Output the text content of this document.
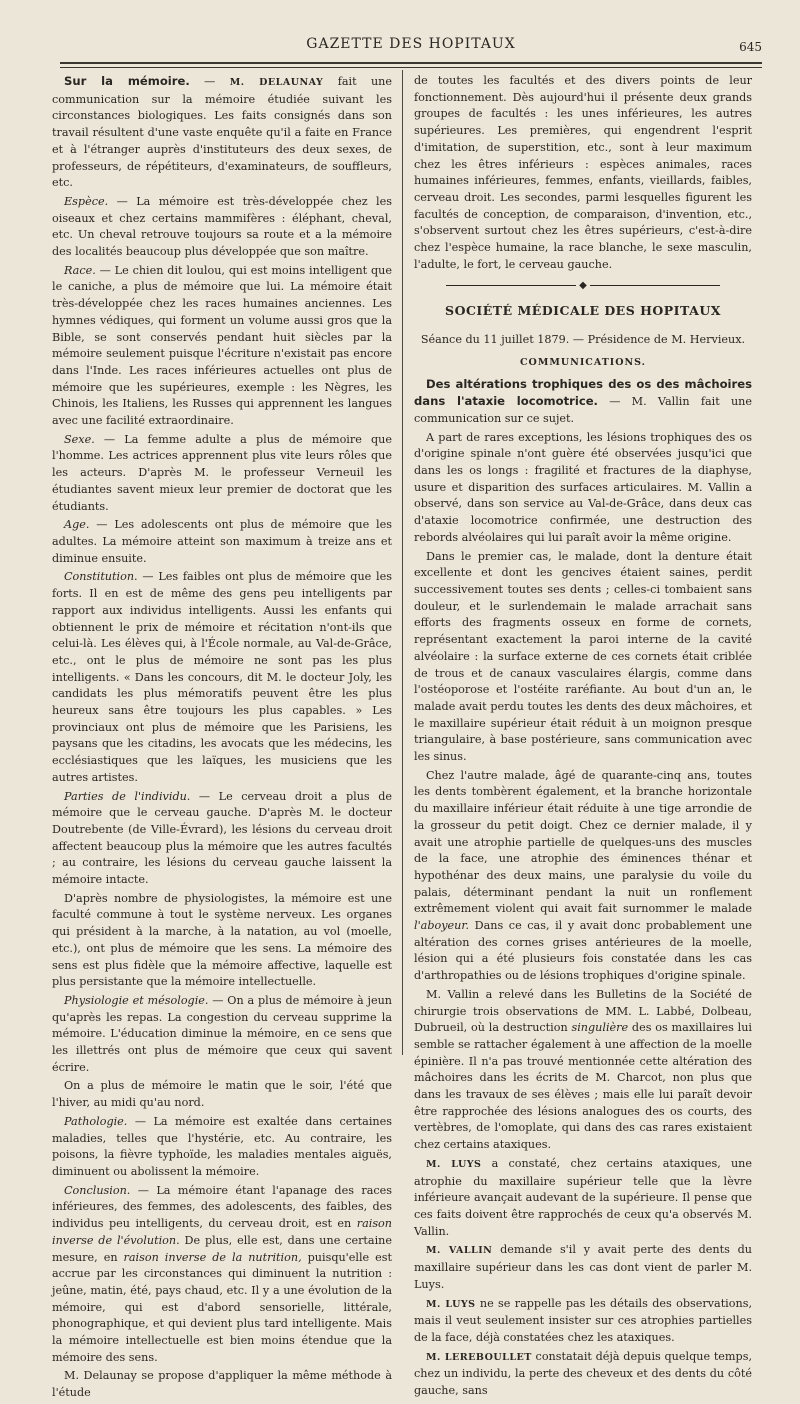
GAZETTE DES HOPITAUX	645

Sur la mémoire. — M. DELAUNAY fait une communication sur la mémoire étudiée suivant les circonstances biologiques. Les faits consignés dans son travail résultent d'une vaste enquête qu'il a faite en France et à l'étranger auprès d'instituteurs des deux sexes, de professeurs, de répétiteurs, d'examinateurs, de souffleurs, etc.

Espèce. — La mémoire est très-développée chez les oiseaux et chez certains mammifères : éléphant, cheval, etc. Un cheval retrouve toujours sa route et a la mémoire des localités beaucoup plus développée que son maître.

Race. — Le chien dit loulou, qui est moins intelligent que le caniche, a plus de mémoire que lui. La mémoire était très-développée chez les races humaines anciennes. Les hymnes védiques, qui forment un volume aussi gros que la Bible, se sont conservés pendant huit siècles par la mémoire seulement puisque l'écriture n'existait pas encore dans l'Inde. Les races inférieures actuelles ont plus de mémoire que les supérieures, exemple : les Nègres, les Chinois, les Italiens, les Russes qui apprennent les langues avec une facilité extraordinaire.

Sexe. — La femme adulte a plus de mémoire que l'homme. Les actrices apprennent plus vite leurs rôles que les acteurs. D'après M. le professeur Verneuil les étudiantes savent mieux leur premier de doctorat que les étudiants.

Age. — Les adolescents ont plus de mémoire que les adultes. La mémoire atteint son maximum à treize ans et diminue ensuite.

Constitution. — Les faibles ont plus de mémoire que les forts. Il en est de même des gens peu intelligents par rapport aux individus intelligents. Aussi les enfants qui obtiennent le prix de mémoire et récitation n'ont-ils que celui-là. Les élèves qui, à l'École normale, au Val-de-Grâce, etc., ont le plus de mémoire ne sont pas les plus intelligents. « Dans les concours, dit M. le docteur Joly, les candidats les plus mémoratifs peuvent être les plus heureux sans être toujours les plus capables. » Les provinciaux ont plus de mémoire que les Parisiens, les paysans que les citadins, les avocats que les médecins, les ecclésiastiques que les laïques, les musiciens que les autres artistes.

Parties de l'individu. — Le cerveau droit a plus de mémoire que le cerveau gauche. D'après M. le docteur Doutrebente (de Ville-Évrard), les lésions du cerveau droit affectent beaucoup plus la mémoire que les autres facultés ; au contraire, les lésions du cerveau gauche laissent la mémoire intacte.

D'après nombre de physiologistes, la mémoire est une faculté commune à tout le système nerveux. Les organes qui président à la marche, à la natation, au vol (moelle, etc.), ont plus de mémoire que les sens. La mémoire des sens est plus fidèle que la mémoire affective, laquelle est plus persistante que la mémoire intellectuelle.

Physiologie et mésologie. — On a plus de mémoire à jeun qu'après les repas. La congestion du cerveau supprime la mémoire. L'éducation diminue la mémoire, en ce sens que les illettrés ont plus de mémoire que ceux qui savent écrire.

On a plus de mémoire le matin que le soir, l'été que l'hiver, au midi qu'au nord.

Pathologie. — La mémoire est exaltée dans certaines maladies, telles que l'hystérie, etc. Au contraire, les poisons, la fièvre typhoïde, les maladies mentales aiguës, diminuent ou abolissent la mémoire.

Conclusion. — La mémoire étant l'apanage des races inférieures, des femmes, des adolescents, des faibles, des individus peu intelligents, du cerveau droit, est en raison inverse de l'évolution. De plus, elle est, dans une certaine mesure, en raison inverse de la nutrition, puisqu'elle est accrue par les circonstances qui diminuent la nutrition : jeûne, matin, été, pays chaud, etc. Il y a une évolution de la mémoire, qui est d'abord sensorielle, littérale, phonographique, et qui devient plus tard intelligente. Mais la mémoire intellectuelle est bien moins étendue que la mémoire des sens.

M. Delaunay se propose d'appliquer la même méthode à l'étude

de toutes les facultés et des divers points de leur fonctionnement. Dès aujourd'hui il présente deux grands groupes de facultés : les unes inférieures, les autres supérieures. Les premières, qui engendrent l'esprit d'imitation, de superstition, etc., sont à leur maximum chez les êtres inférieurs : espèces animales, races humaines inférieures, femmes, enfants, vieillards, faibles, cerveau droit. Les secondes, parmi lesquelles figurent les facultés de conception, de comparaison, d'invention, etc., s'observent surtout chez les êtres supérieurs, c'est-à-dire chez l'espèce humaine, la race blanche, le sexe masculin, l'adulte, le fort, le cerveau gauche.

◆
SOCIÉTÉ MÉDICALE DES HOPITAUX
Séance du 11 juillet 1879. — Présidence de M. Hervieux.
COMMUNICATIONS.

Des altérations trophiques des os des mâchoires dans l'ataxie locomotrice. — M. Vallin fait une communication sur ce sujet.

A part de rares exceptions, les lésions trophiques des os d'origine spinale n'ont guère été observées jusqu'ici que dans les os longs : fragilité et fractures de la diaphyse, usure et disparition des surfaces articulaires. M. Vallin a observé, dans son service au Val-de-Grâce, dans deux cas d'ataxie locomotrice confirmée, une destruction des rebords alvéolaires qui lui paraît avoir la même origine.

Dans le premier cas, le malade, dont la denture était excellente et dont les gencives étaient saines, perdit successivement toutes ses dents ; celles-ci tombaient sans douleur, et le surlendemain le malade arrachait sans efforts des fragments osseux en forme de cornets, représentant exactement la paroi interne de la cavité alvéolaire : la surface externe de ces cornets était criblée de trous et de canaux vasculaires élargis, comme dans l'ostéoporose et l'ostéite raréfiante. Au bout d'un an, le malade avait perdu toutes les dents des deux mâchoires, et le maxillaire supérieur était réduit à un moignon presque triangulaire, à base postérieure, sans communication avec les sinus.

Chez l'autre malade, âgé de quarante-cinq ans, toutes les dents tombèrent également, et la branche horizontale du maxillaire inférieur était réduite à une tige arrondie de la grosseur du petit doigt. Chez ce dernier malade, il y avait une atrophie partielle de quelques-uns des muscles de la face, une atrophie des éminences thénar et hypothénar des deux mains, une paralysie du voile du palais, déterminant pendant la nuit un ronflement extrêmement violent qui avait fait surnommer le malade l'aboyeur. Dans ce cas, il y avait donc probablement une altération des cornes grises antérieures de la moelle, lésion qui a été plusieurs fois constatée dans les cas d'arthropathies ou de lésions trophiques d'origine spinale.

M. Vallin a relevé dans les Bulletins de la Société de chirurgie trois observations de MM. L. Labbé, Dolbeau, Dubrueil, où la destruction singulière des os maxillaires lui semble se rattacher également à une affection de la moelle épinière. Il n'a pas trouvé mentionnée cette altération des mâchoires dans les écrits de M. Charcot, non plus que dans les travaux de ses élèves ; mais elle lui paraît devoir être rapprochée des lésions analogues des os courts, des vertèbres, de l'omoplate, qui dans des cas rares existaient chez certains ataxiques.

M. LUYS a constaté, chez certains ataxiques, une atrophie du maxillaire supérieur telle que la lèvre inférieure avançait audevant de la supérieure. Il pense que ces faits doivent être rapprochés de ceux qu'a observés M. Vallin.

M. VALLIN demande s'il y avait perte des dents du maxillaire supérieur dans les cas dont vient de parler M. Luys.

M. LUYS ne se rappelle pas les détails des observations, mais il veut seulement insister sur ces atrophies partielles de la face, déjà constatées chez les ataxiques.

M. LEREBOULLET constatait déjà depuis quelque temps, chez un individu, la perte des cheveux et des dents du côté gauche, sans
